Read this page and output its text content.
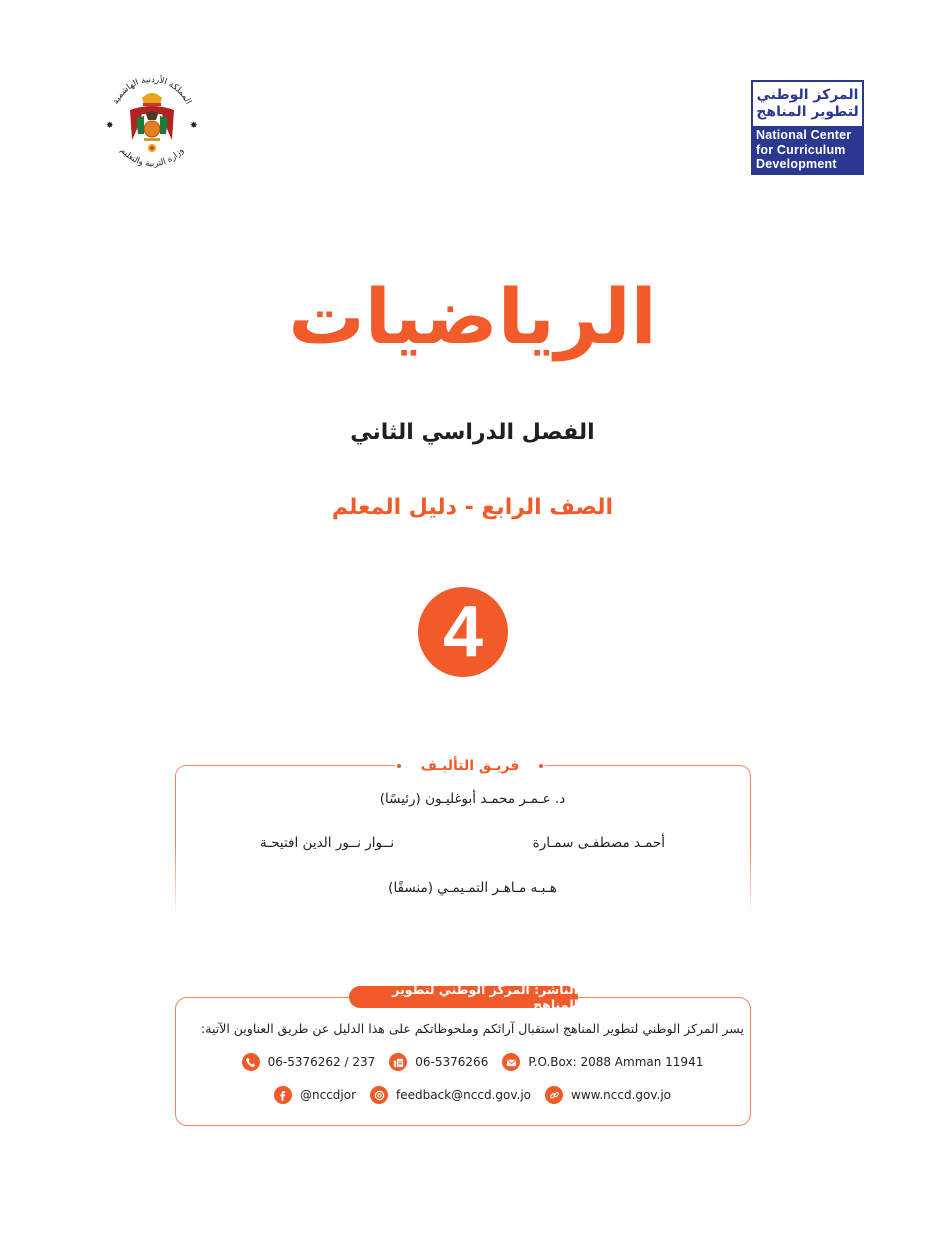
المملكة الأردنية الهاشمية
وزارة التربية والتعليم
✸	✸
المركز الوطني
لتطوير المناهج
National Center
for Curriculum
Development
الرياضيات
الفصل الدراسي الثاني
الصف الرابع - دليل المعلم
4
فريـق التأليـف
د. عـمـر محمـد أبوغليـون (رئيسًا)
أحمـد مصطفـى سمـارة
نــوار نــور الدين افتيحـة
هـبـه مـاهـر التمـيمـي (منسقًا)
الناشر: المركز الوطني لتطوير المناهج
يسر المركز الوطني لتطوير المناهج استقبال آرائكم وملحوظاتكم على هذا الدليل عن طريق العناوين الآتية:
06-5376262 / 237	06-5376266	P.O.Box: 2088 Amman 11941
@nccdjor	feedback@nccd.gov.jo	www.nccd.gov.jo
